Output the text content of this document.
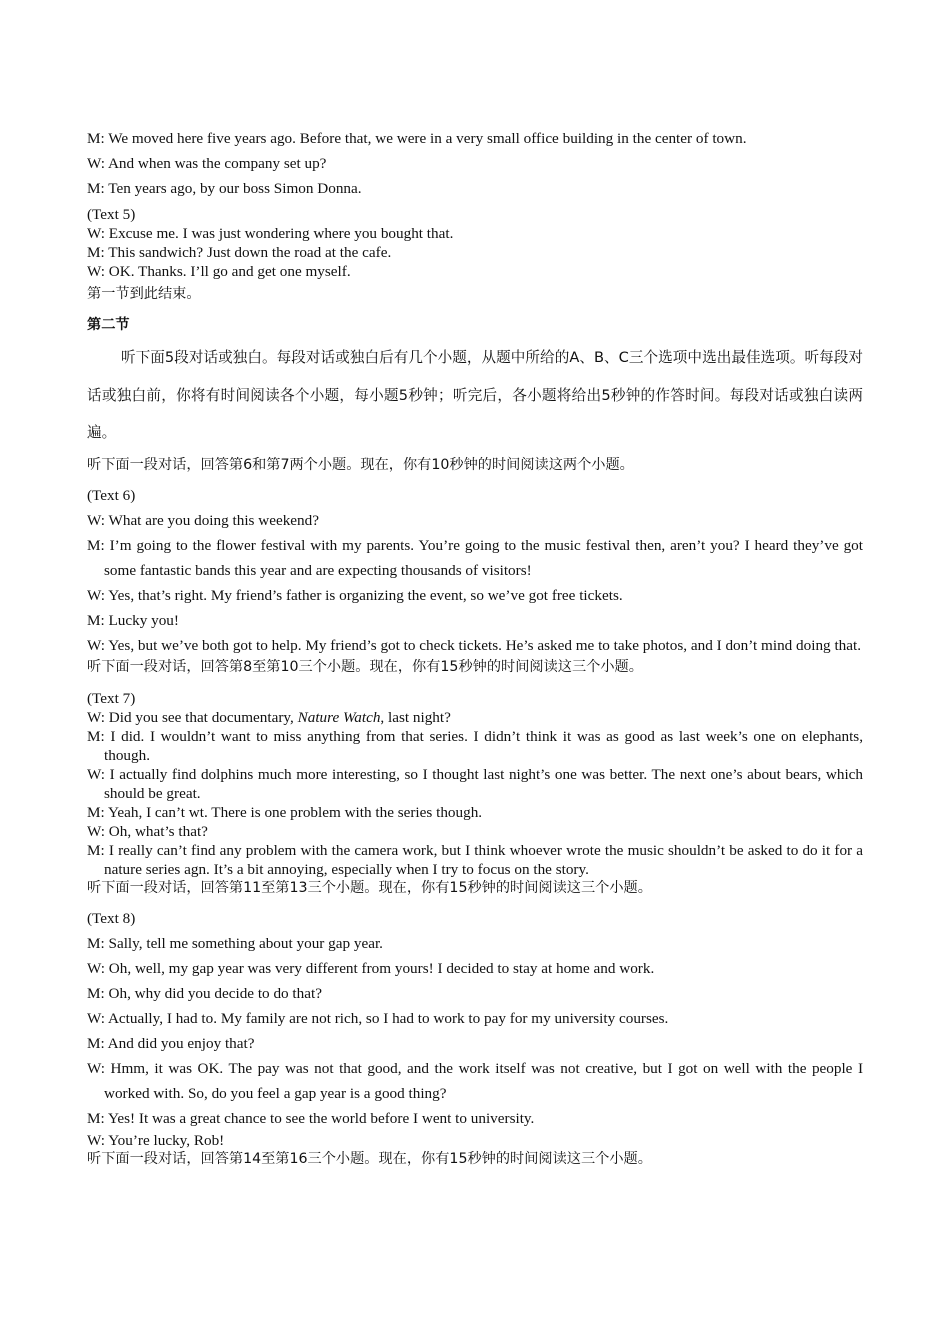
M: We moved here five years ago. Before that, we were in a very small office building in the center of town.

W: And when was the company set up?

M: Ten years ago, by our boss Simon Donna.

(Text 5)

W: Excuse me. I was just wondering where you bought that.

M: This sandwich? Just down the road at the cafe.

W: OK. Thanks. I’ll go and get one myself.

第一节到此结束。

第二节

听下面5段对话或独白。每段对话或独白后有几个小题，从题中所给的A、B、C三个选项中选出最佳选项。听每段对话或独白前，你将有时间阅读各个小题，每小题5秒钟；听完后，各小题将给出5秒钟的作答时间。每段对话或独白读两遍。

听下面一段对话，回答第6和第7两个小题。现在，你有10秒钟的时间阅读这两个小题。

(Text 6)

W: What are you doing this weekend?

M: I’m going to the flower festival with my parents. You’re going to the music festival then, aren’t you? I heard they’ve got some fantastic bands this year and are expecting thousands of visitors!

W: Yes, that’s right. My friend’s father is organizing the event, so we’ve got free tickets.

M: Lucky you!

W: Yes, but we’ve both got to help. My friend’s got to check tickets. He’s asked me to take photos, and I don’t mind doing that.

听下面一段对话，回答第8至第10三个小题。现在，你有15秒钟的时间阅读这三个小题。

(Text 7)

W: Did you see that documentary, Nature Watch, last night?

M: I did. I wouldn’t want to miss anything from that series. I didn’t think it was as good as last week’s one on elephants, though.

W: I actually find dolphins much more interesting, so I thought last night’s one was better. The next one’s about bears, which should be great.

M: Yeah, I can’t wt. There is one problem with the series though.

W: Oh, what’s that?

M: I really can’t find any problem with the camera work, but I think whoever wrote the music shouldn’t be asked to do it for a nature series agn. It’s a bit annoying, especially when I try to focus on the story.

听下面一段对话，回答第11至第13三个小题。现在，你有15秒钟的时间阅读这三个小题。

(Text 8)

M: Sally, tell me something about your gap year.

W: Oh, well, my gap year was very different from yours! I decided to stay at home and work.

M: Oh, why did you decide to do that?

W: Actually, I had to. My family are not rich, so I had to work to pay for my university courses.

M: And did you enjoy that?

W: Hmm, it was OK. The pay was not that good, and the work itself was not creative, but I got on well with the people I worked with. So, do you feel a gap year is a good thing?

M: Yes! It was a great chance to see the world before I went to university.

W: You’re lucky, Rob!

听下面一段对话，回答第14至第16三个小题。现在，你有15秒钟的时间阅读这三个小题。
